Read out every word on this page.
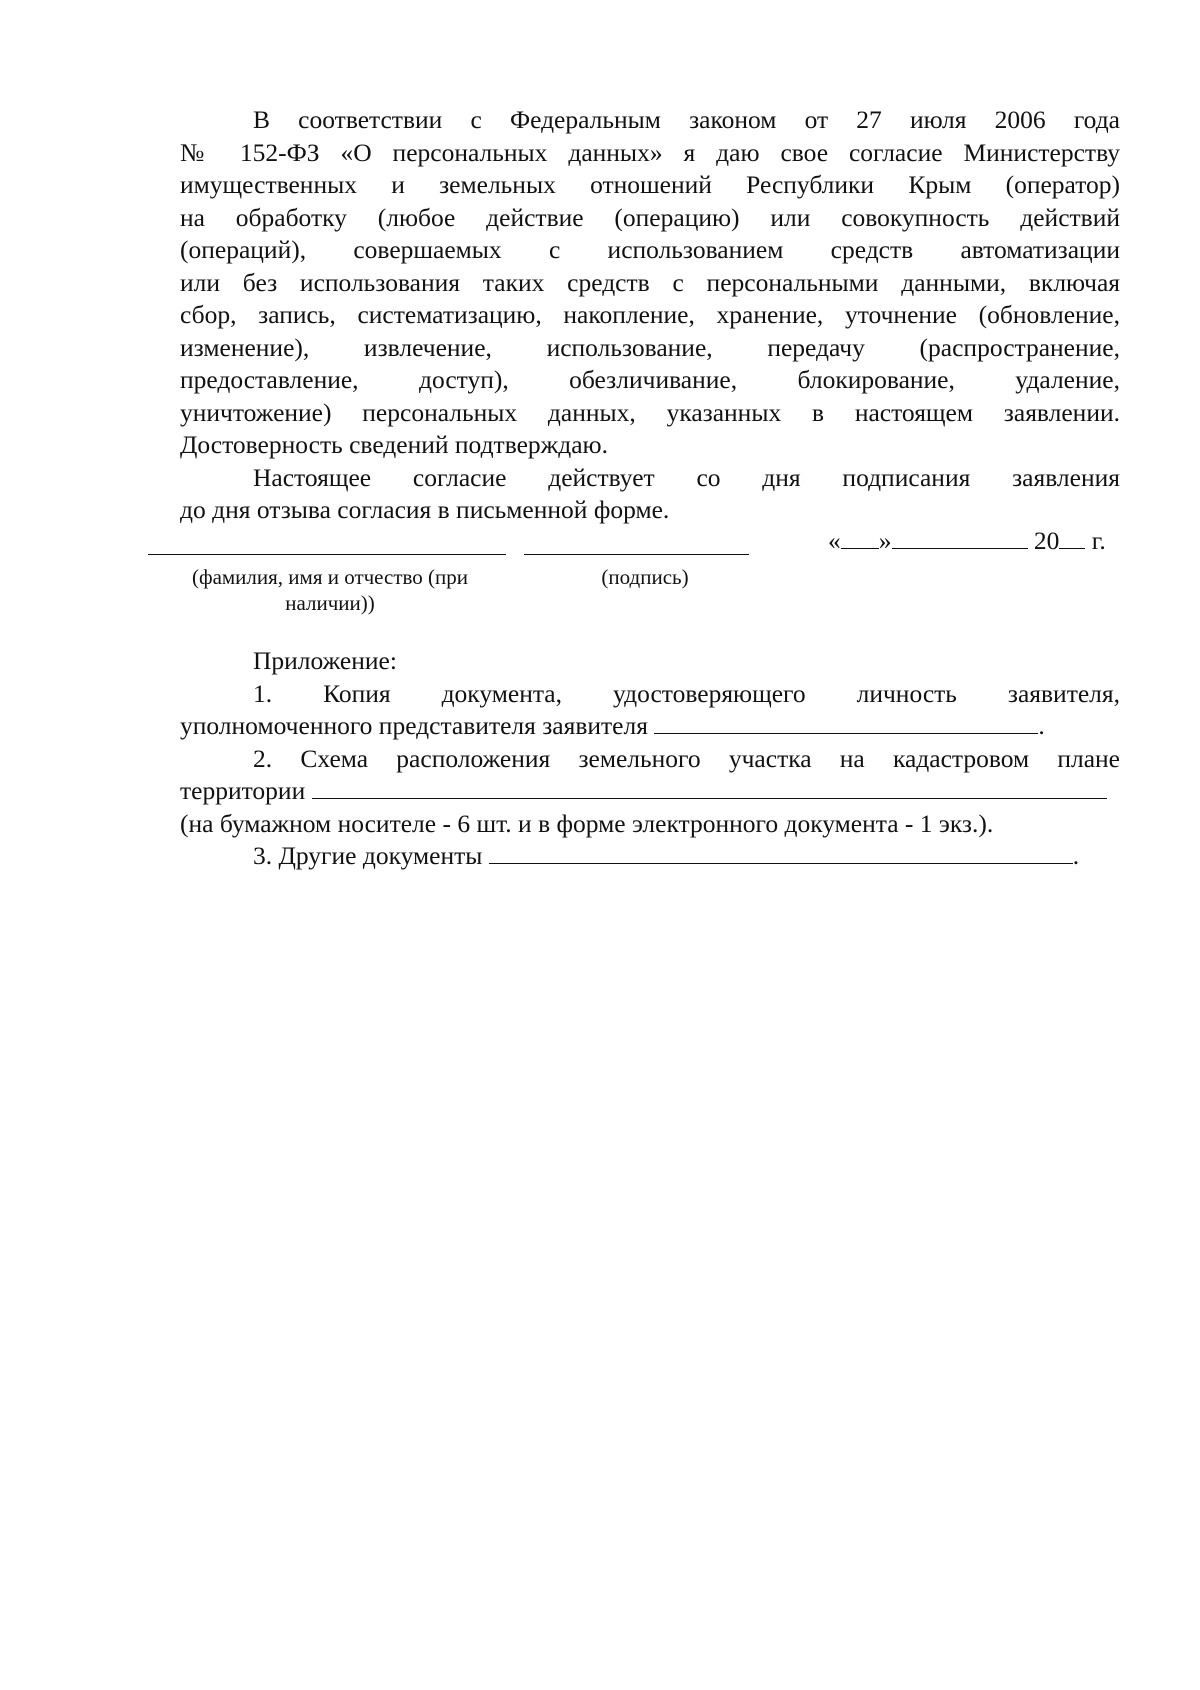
В соответствии с Федеральным законом от 27 июля 2006 года
№ 152-ФЗ «О персональных данных» я даю свое согласие Министерству
имущественных и земельных отношений Республики Крым (оператор)
на обработку (любое действие (операцию) или совокупность действий
(операций), совершаемых с использованием средств автоматизации
или без использования таких средств с персональными данными, включая
сбор, запись, систематизацию, накопление, хранение, уточнение (обновление,
изменение), извлечение, использование, передачу (распространение,
предоставление, доступ), обезличивание, блокирование, удаление,
уничтожение) персональных данных, указанных в настоящем заявлении.
Достоверность сведений подтверждаю.

Настоящее согласие действует со дня подписания заявления
до дня отзыва согласия в письменной форме.

(фамилия, имя и отчество (при
наличии))
(подпись)
« »	20 г.
Приложение:
1. Копия документа, удостоверяющего личность заявителя,
уполномоченного представителя заявителя	.
2. Схема расположения земельного участка на кадастровом плане
территории
(на бумажном носителе - 6 шт. и в форме электронного документа - 1 экз.).
3. Другие документы	.
